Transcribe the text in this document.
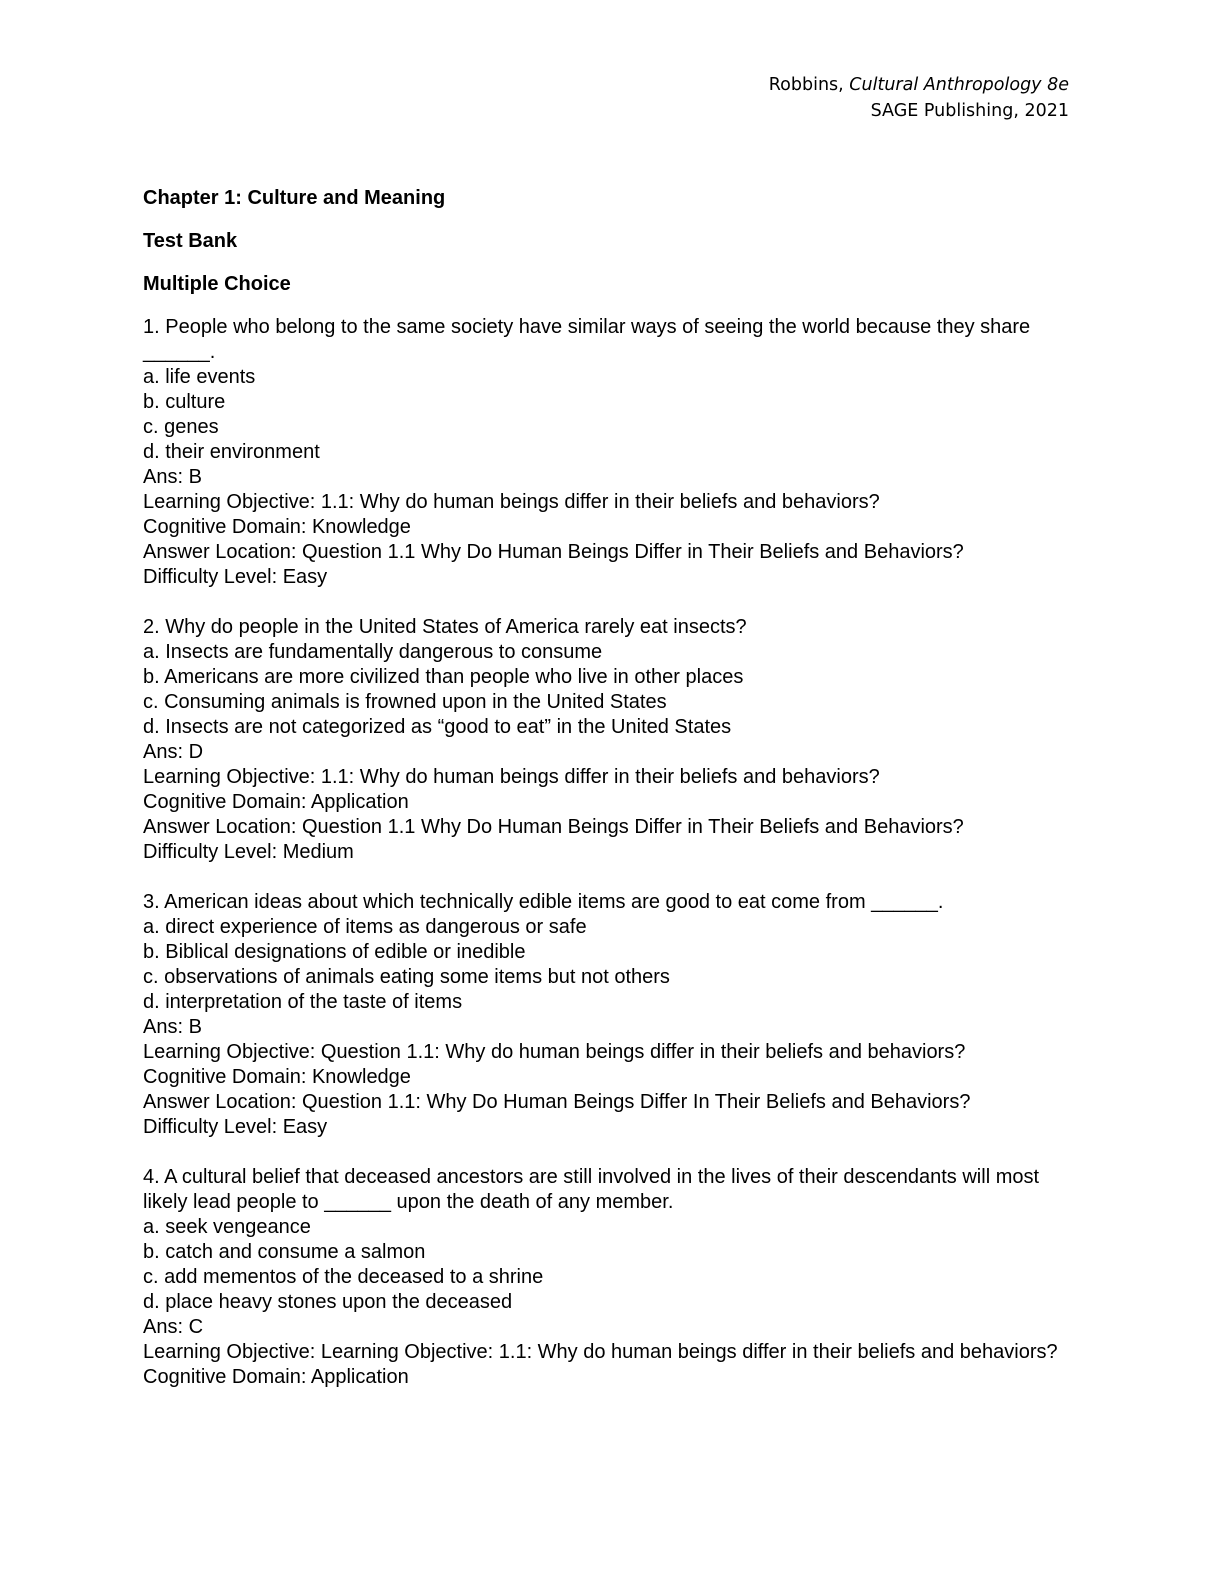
Robbins, Cultural Anthropology 8e
SAGE Publishing, 2021
Chapter 1: Culture and Meaning
Test Bank
Multiple Choice
1. People who belong to the same society have similar ways of seeing the world because they share ______.
a. life events
b. culture
c. genes
d. their environment
Ans: B
Learning Objective: 1.1: Why do human beings differ in their beliefs and behaviors?
Cognitive Domain: Knowledge
Answer Location: Question 1.1 Why Do Human Beings Differ in Their Beliefs and Behaviors?
Difficulty Level: Easy
2. Why do people in the United States of America rarely eat insects?
a. Insects are fundamentally dangerous to consume
b. Americans are more civilized than people who live in other places
c. Consuming animals is frowned upon in the United States
d. Insects are not categorized as “good to eat” in the United States
Ans: D
Learning Objective: 1.1: Why do human beings differ in their beliefs and behaviors?
Cognitive Domain: Application
Answer Location: Question 1.1 Why Do Human Beings Differ in Their Beliefs and Behaviors?
Difficulty Level: Medium
3. American ideas about which technically edible items are good to eat come from ______.
a. direct experience of items as dangerous or safe
b. Biblical designations of edible or inedible
c. observations of animals eating some items but not others
d. interpretation of the taste of items
Ans: B
Learning Objective: Question 1.1: Why do human beings differ in their beliefs and behaviors?
Cognitive Domain: Knowledge
Answer Location: Question 1.1: Why Do Human Beings Differ In Their Beliefs and Behaviors?
Difficulty Level: Easy
4. A cultural belief that deceased ancestors are still involved in the lives of their descendants will most likely lead people to ______ upon the death of any member.
a. seek vengeance
b. catch and consume a salmon
c. add mementos of the deceased to a shrine
d. place heavy stones upon the deceased
Ans: C
Learning Objective: Learning Objective: 1.1: Why do human beings differ in their beliefs and behaviors?
Cognitive Domain: Application
